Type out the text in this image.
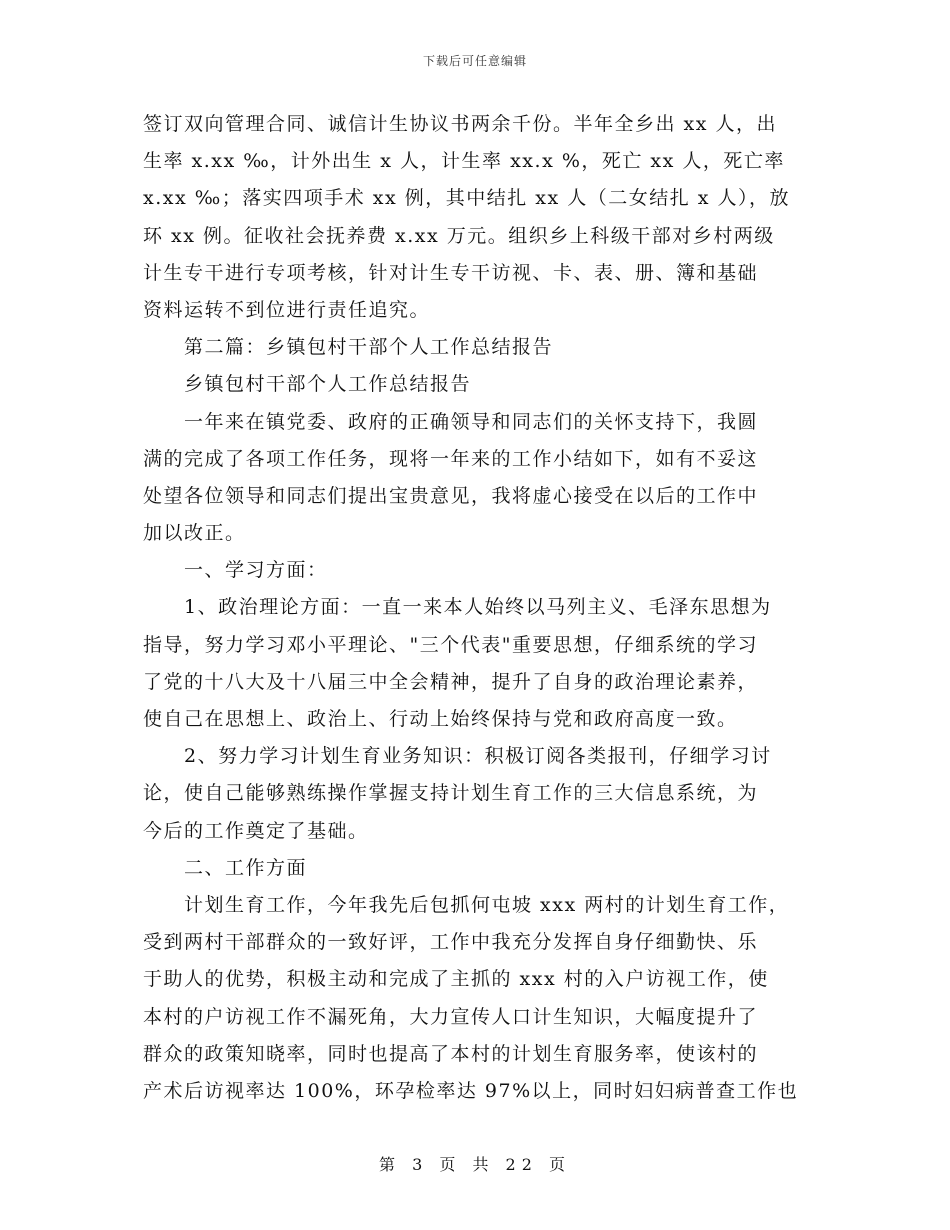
下载后可任意编辑
签订双向管理合同、诚信计生协议书两余千份。半年全乡出 xx 人，出
生率 x.xx ‰，计外出生 x 人，计生率 xx.x %，死亡 xx 人，死亡率
x.xx ‰；落实四项手术 xx 例，其中结扎 xx 人（二女结扎 x 人），放
环 xx 例。征收社会抚养费 x.xx 万元。组织乡上科级干部对乡村两级
计生专干进行专项考核，针对计生专干访视、卡、表、册、簿和基础
资料运转不到位进行责任追究。
　　第二篇：乡镇包村干部个人工作总结报告
　　乡镇包村干部个人工作总结报告
　　一年来在镇党委、政府的正确领导和同志们的关怀支持下，我圆
满的完成了各项工作任务，现将一年来的工作小结如下，如有不妥这
处望各位领导和同志们提出宝贵意见，我将虚心接受在以后的工作中
加以改正。
　　一、学习方面：
　　1、政治理论方面：一直一来本人始终以马列主义、毛泽东思想为
指导，努力学习邓小平理论、"三个代表"重要思想，仔细系统的学习
了党的十八大及十八届三中全会精神，提升了自身的政治理论素养，
使自己在思想上、政治上、行动上始终保持与党和政府高度一致。
　　2、努力学习计划生育业务知识：积极订阅各类报刊，仔细学习讨
论，使自己能够熟练操作掌握支持计划生育工作的三大信息系统，为
今后的工作奠定了基础。
　　二、工作方面
　　计划生育工作，今年我先后包抓何屯坡 xxx 两村的计划生育工作，
受到两村干部群众的一致好评，工作中我充分发挥自身仔细勤快、乐
于助人的优势，积极主动和完成了主抓的 xxx 村的入户访视工作，使
本村的户访视工作不漏死角，大力宣传人口计生知识，大幅度提升了
群众的政策知晓率，同时也提高了本村的计划生育服务率，使该村的
产术后访视率达 100%，环孕检率达 97%以上，同时妇妇病普查工作也
第 3 页 共 22 页
